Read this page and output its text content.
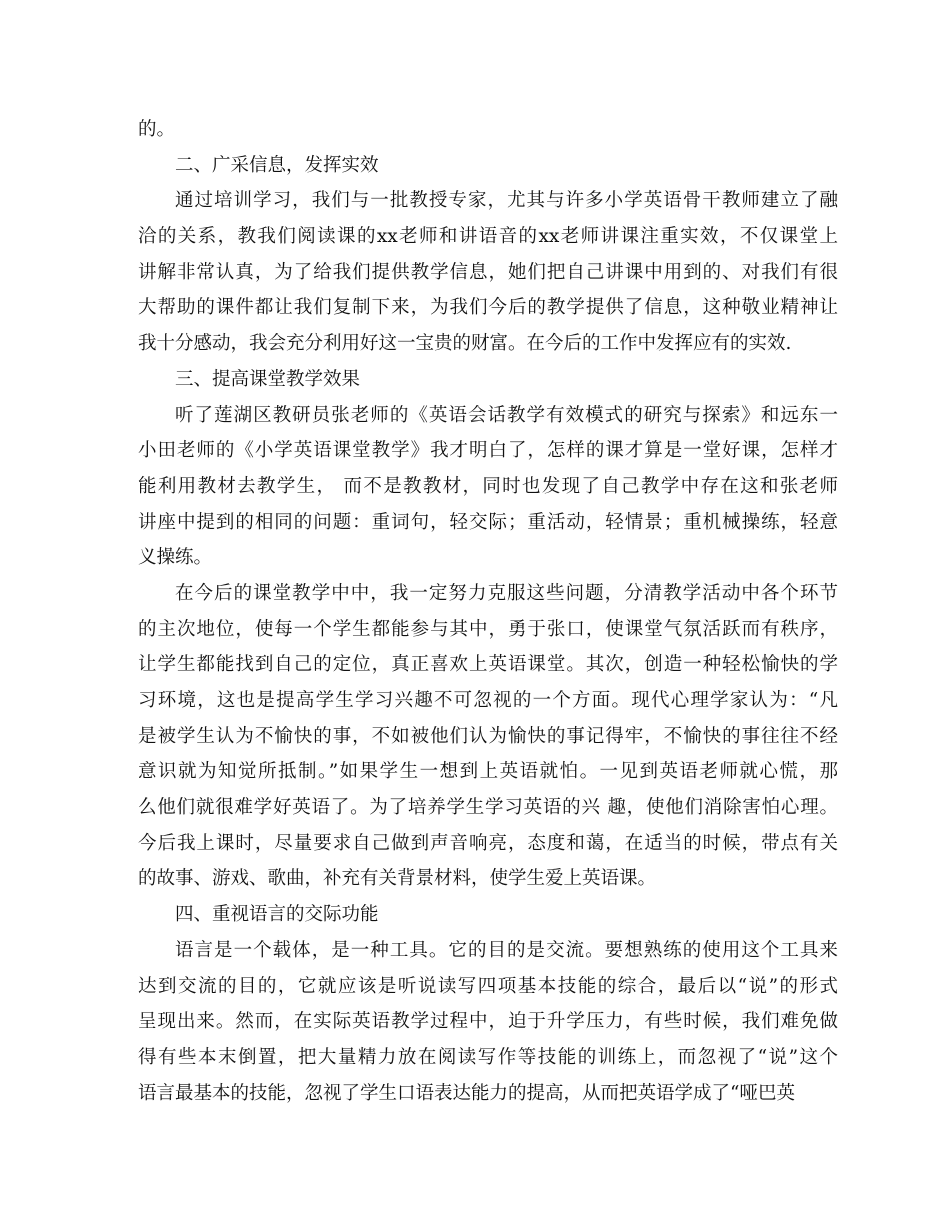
的。
二、广采信息，发挥实效
通过培训学习，我们与一批教授专家，尤其与许多小学英语骨干教师建立了融
洽的关系，教我们阅读课的xx老师和讲语音的xx老师讲课注重实效，不仅课堂上
讲解非常认真，为了给我们提供教学信息，她们把自己讲课中用到的、对我们有很
大帮助的课件都让我们复制下来，为我们今后的教学提供了信息，这种敬业精神让
我十分感动，我会充分利用好这一宝贵的财富。在今后的工作中发挥应有的实效.
三、提高课堂教学效果
听了莲湖区教研员张老师的《英语会话教学有效模式的研究与探索》和远东一
小田老师的《小学英语课堂教学》我才明白了，怎样的课才算是一堂好课，怎样才
能利用教材去教学生， 而不是教教材，同时也发现了自己教学中存在这和张老师
讲座中提到的相同的问题：重词句，轻交际；重活动，轻情景；重机械操练，轻意
义操练。
在今后的课堂教学中中，我一定努力克服这些问题，分清教学活动中各个环节
的主次地位，使每一个学生都能参与其中，勇于张口，使课堂气氛活跃而有秩序，
让学生都能找到自己的定位，真正喜欢上英语课堂。其次，创造一种轻松愉快的学
习环境，这也是提高学生学习兴趣不可忽视的一个方面。现代心理学家认为：“凡
是被学生认为不愉快的事，不如被他们认为愉快的事记得牢，不愉快的事往往不经
意识就为知觉所抵制。”如果学生一想到上英语就怕。一见到英语老师就心慌，那
么他们就很难学好英语了。为了培养学生学习英语的兴 趣，使他们消除害怕心理。
今后我上课时，尽量要求自己做到声音响亮，态度和蔼，在适当的时候，带点有关
的故事、游戏、歌曲，补充有关背景材料，使学生爱上英语课。
四、重视语言的交际功能
语言是一个载体，是一种工具。它的目的是交流。要想熟练的使用这个工具来
达到交流的目的，它就应该是听说读写四项基本技能的综合，最后以“说”的形式
呈现出来。然而，在实际英语教学过程中，迫于升学压力，有些时候，我们难免做
得有些本末倒置，把大量精力放在阅读写作等技能的训练上，而忽视了“说”这个
语言最基本的技能，忽视了学生口语表达能力的提高，从而把英语学成了“哑巴英
